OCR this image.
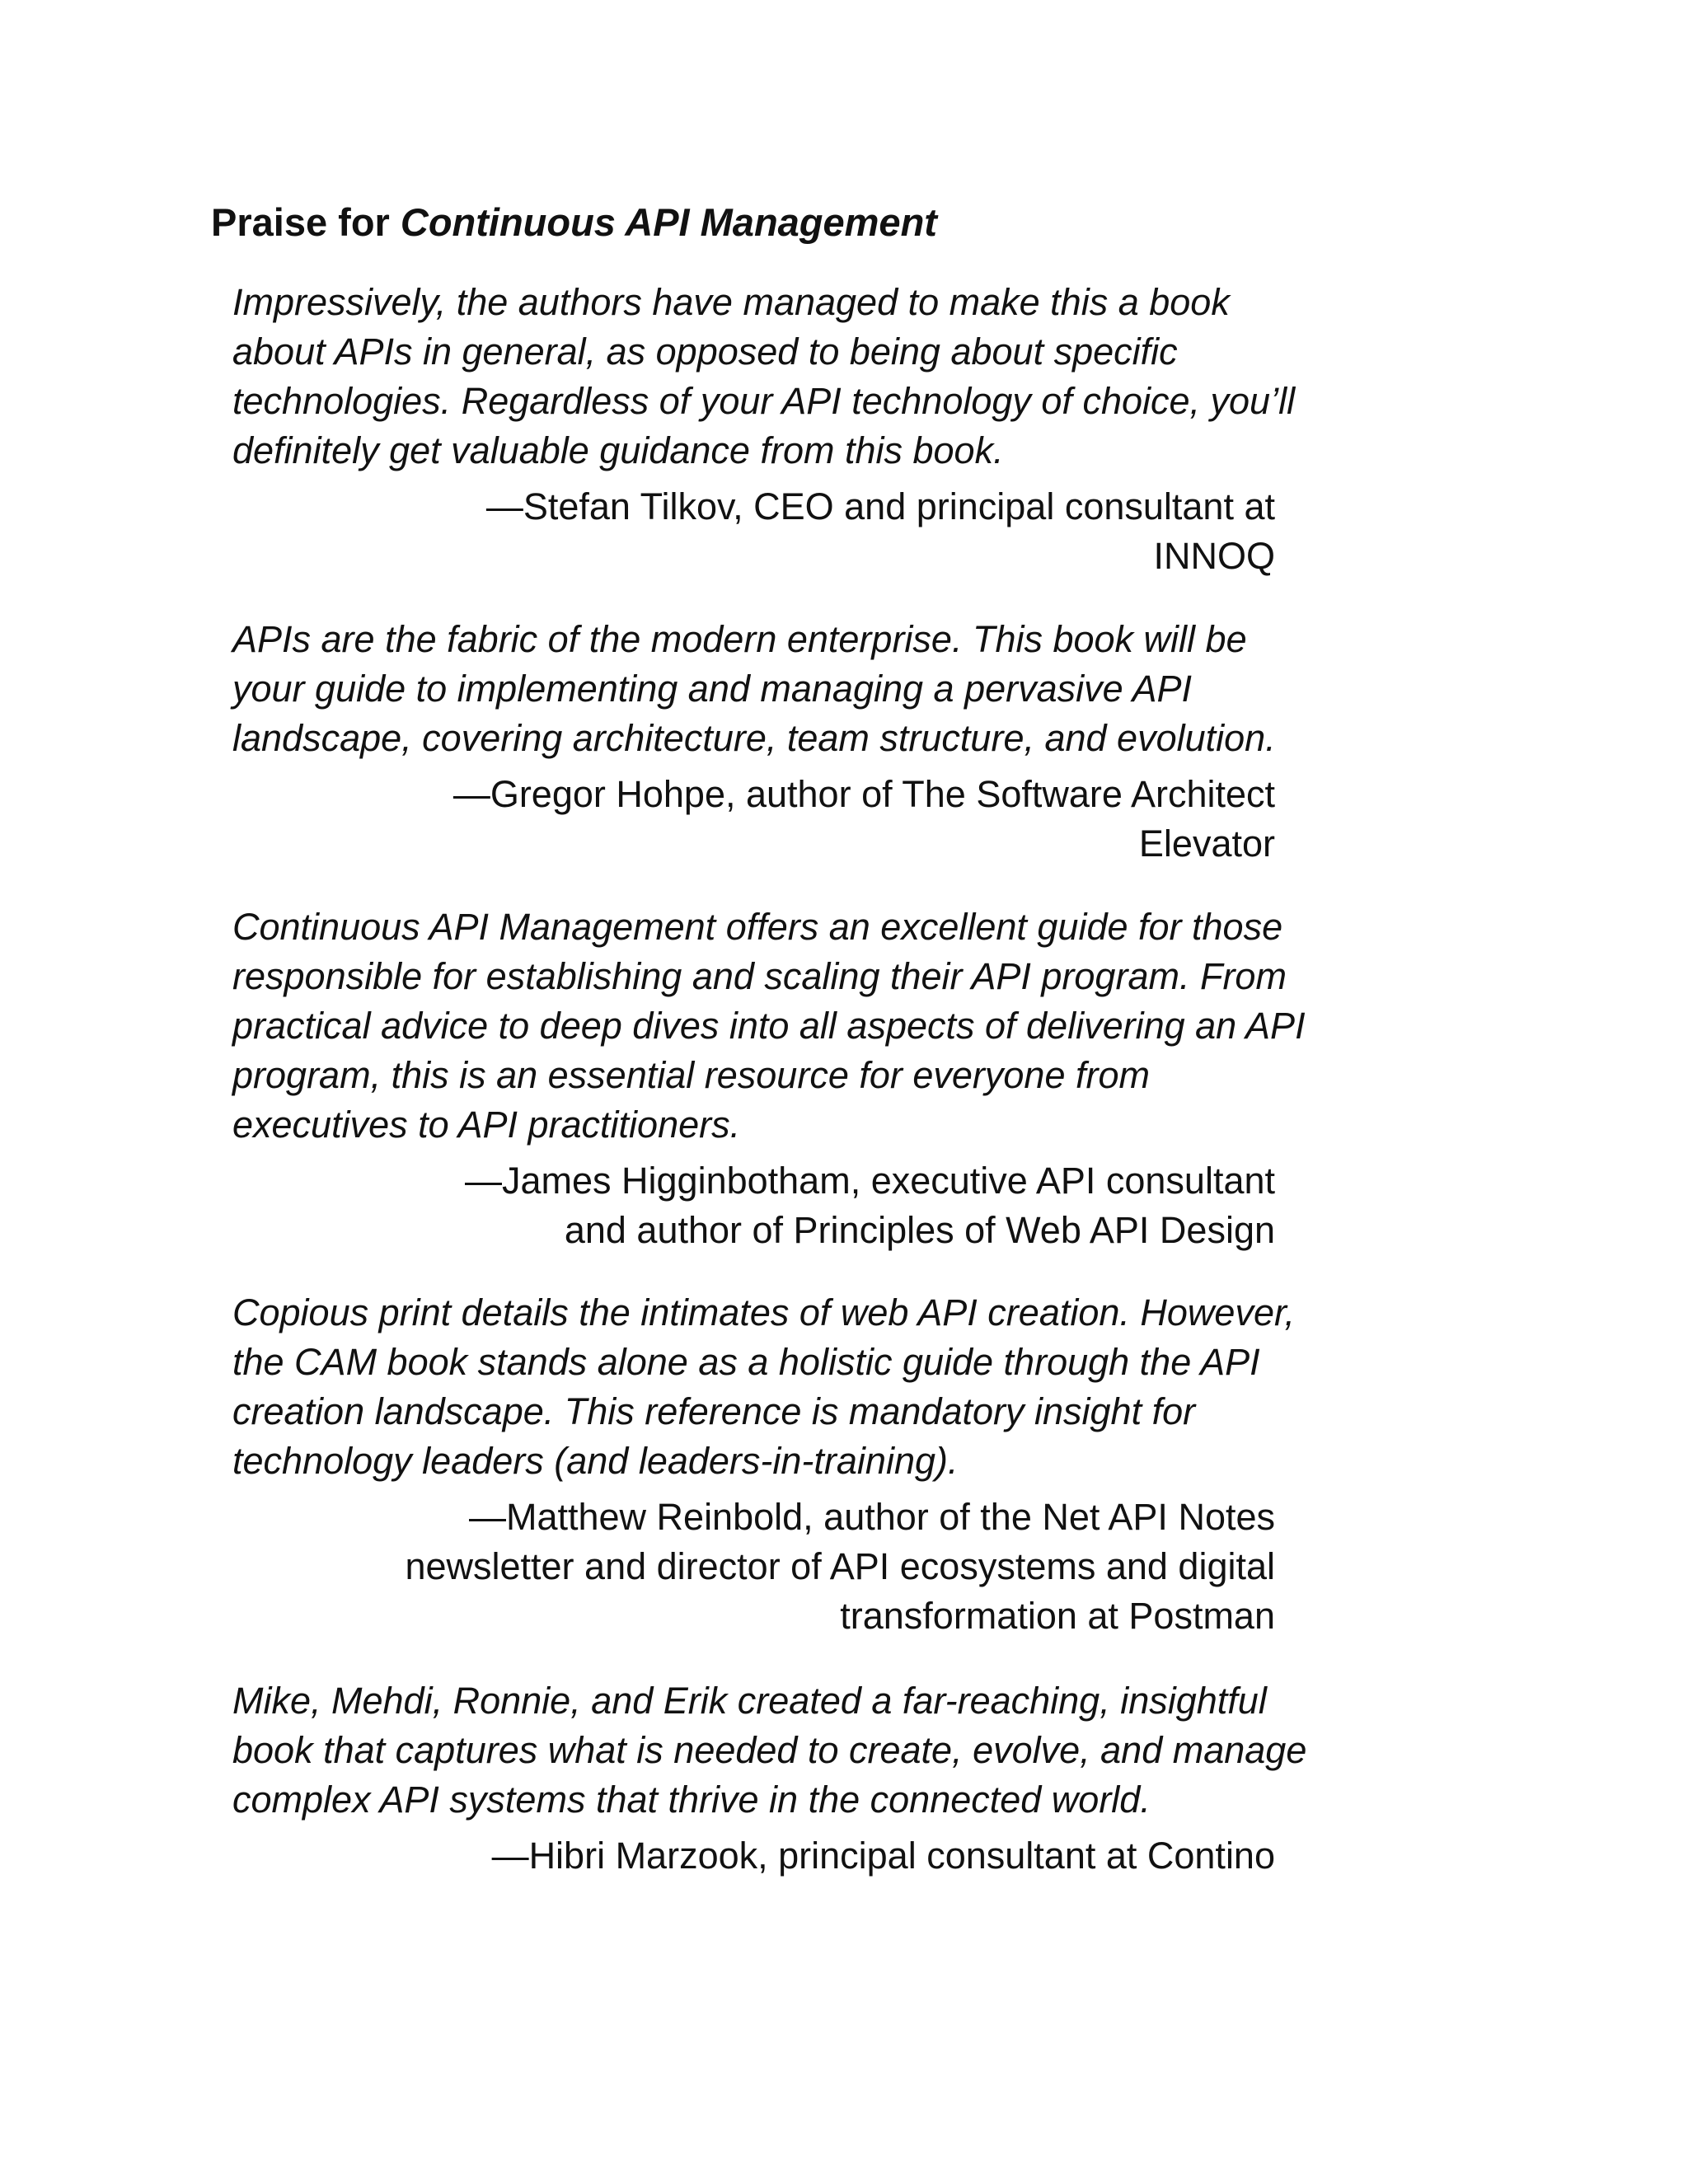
Praise for Continuous API Management
Impressively, the authors have managed to make this a book
about APIs in general, as opposed to being about specific
technologies. Regardless of your API technology of choice, you’ll
definitely get valuable guidance from this book.
—Stefan Tilkov, CEO and principal consultant at
INNOQ
APIs are the fabric of the modern enterprise. This book will be
your guide to implementing and managing a pervasive API
landscape, covering architecture, team structure, and evolution.
—Gregor Hohpe, author of The Software Architect
Elevator
Continuous API Management offers an excellent guide for those
responsible for establishing and scaling their API program. From
practical advice to deep dives into all aspects of delivering an API
program, this is an essential resource for everyone from
executives to API practitioners.
—James Higginbotham, executive API consultant
and author of Principles of Web API Design
Copious print details the intimates of web API creation. However,
the CAM book stands alone as a holistic guide through the API
creation landscape. This reference is mandatory insight for
technology leaders (and leaders-in-training).
—Matthew Reinbold, author of the Net API Notes
newsletter and director of API ecosystems and digital
transformation at Postman
Mike, Mehdi, Ronnie, and Erik created a far-reaching, insightful
book that captures what is needed to create, evolve, and manage
complex API systems that thrive in the connected world.
—Hibri Marzook, principal consultant at Contino
